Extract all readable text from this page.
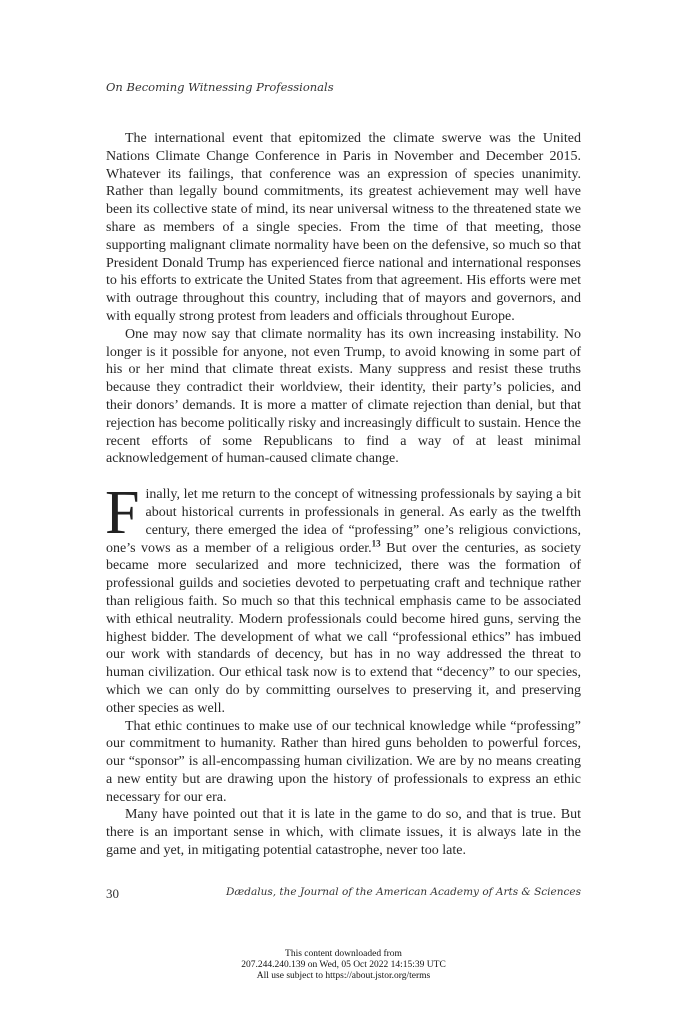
On Becoming Witnessing Professionals

The international event that epitomized the climate swerve was the United Nations Climate Change Conference in Paris in November and December 2015. Whatever its failings, that conference was an expression of species unanimity. Rather than legally bound commitments, its greatest achievement may well have been its collective state of mind, its near universal witness to the threatened state we share as members of a single species. From the time of that meeting, those supporting malignant climate normality have been on the defensive, so much so that President Donald Trump has experienced fierce national and international responses to his efforts to extricate the United States from that agreement. His efforts were met with outrage throughout this country, including that of mayors and governors, and with equally strong protest from leaders and officials throughout Europe.

One may now say that climate normality has its own increasing instability. No longer is it possible for anyone, not even Trump, to avoid knowing in some part of his or her mind that climate threat exists. Many suppress and resist these truths because they contradict their worldview, their identity, their party’s policies, and their donors’ demands. It is more a matter of climate rejection than denial, but that rejection has become politically risky and increasingly difficult to sustain. Hence the recent efforts of some Republicans to find a way of at least minimal acknowledgement of human-caused climate change.

Finally, let me return to the concept of witnessing professionals by saying a bit about historical currents in professionals in general. As early as the twelfth century, there emerged the idea of “professing” one’s religious convictions, one’s vows as a member of a religious order.$^{13}$ But over the centuries, as society became more secularized and more technicized, there was the formation of professional guilds and societies devoted to perpetuating craft and technique rather than religious faith. So much so that this technical emphasis came to be associated with ethical neutrality. Modern professionals could become hired guns, serving the highest bidder. The development of what we call “professional ethics” has imbued our work with standards of decency, but has in no way addressed the threat to human civilization. Our ethical task now is to extend that “decency” to our species, which we can only do by committing ourselves to preserving it, and preserving other species as well.

That ethic continues to make use of our technical knowledge while “professing” our commitment to humanity. Rather than hired guns beholden to powerful forces, our “sponsor” is all-encompassing human civilization. We are by no means creating a new entity but are drawing upon the history of professionals to express an ethic necessary for our era.

Many have pointed out that it is late in the game to do so, and that is true. But there is an important sense in which, with climate issues, it is always late in the game and yet, in mitigating potential catastrophe, never too late.

30	Dædalus, the Journal of the American Academy of Arts & Sciences
This content downloaded from
207.244.240.139 on Wed, 05 Oct 2022 14:15:39 UTC
All use subject to https://about.jstor.org/terms
